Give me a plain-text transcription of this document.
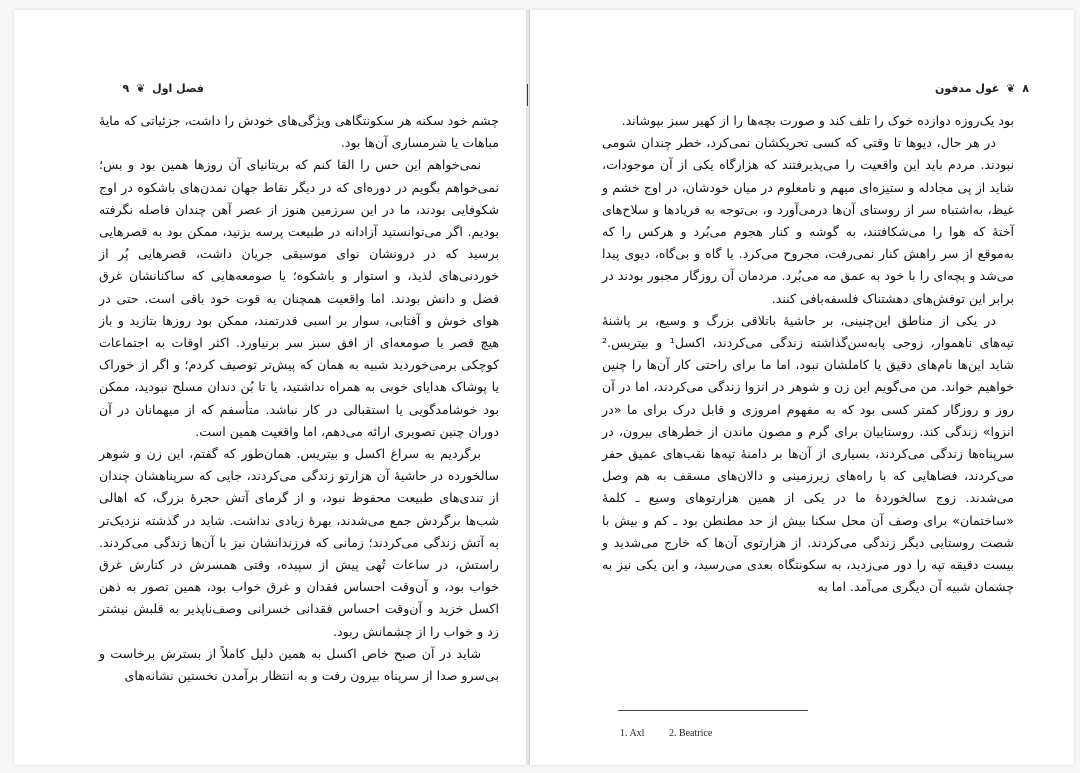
فصل اول ❦ ۹

چشم خود سکنه هر سکونتگاهی ویژگی‌های خودش را داشت، جزئیاتی که مایهٔ مباهات یا شرمساری آن‌ها بود.

نمی‌خواهم این حس را القا کنم که بریتانیای آن روزها همین بود و بس؛ نمی‌خواهم بگویم در دوره‌ای که در دیگر نقاط جهان تمدن‌های باشکوه در اوج شکوفایی بودند، ما در این سرزمین هنوز از عصر آهن چندان فاصله نگرفته بودیم. اگر می‌توانستید آزادانه در طبیعت پرسه بزنید، ممکن بود به قصرهایی برسید که در درونشان نوای موسیقی جریان داشت، قصرهایی پُر از خوردنی‌های لذیذ، و استوار و باشکوه؛ یا صومعه‌هایی که ساکنانشان غرق فضل و دانش بودند. اما واقعیت همچنان به قوت خود باقی است. حتی در هوای خوش و آفتابی، سوار بر اسبی قدرتمند، ممکن بود روزها بتازید و باز هیچ قصر یا صومعه‌ای از افق سبز سر برنیاورد. اکثر اوقات به اجتماعات کوچکی برمی‌خوردید شبیه به همان که پیش‌تر توصیف کردم؛ و اگر از خوراک یا پوشاک هدایای خوبی به همراه نداشتید، یا تا بُن دندان مسلح نبودید، ممکن بود خوشامدگویی یا استقبالی در کار نباشد. متأسفم که از میهمانان در آن دوران چنین تصویری ارائه می‌دهم، اما واقعیت همین است.

برگردیم به سراغ اکسل و بیتریس. همان‌طور که گفتم، این زن و شوهر سالخورده در حاشیهٔ آن هزارتو زندگی می‌کردند، جایی که سرپناهشان چندان از تندی‌های طبیعت محفوظ نبود، و از گرمای آتش حجرهٔ بزرگ، که اهالی شب‌ها برگردش جمع می‌شدند، بهرهٔ زیادی نداشت. شاید در گذشته نزدیک‌تر به آتش زندگی می‌کردند؛ زمانی که فرزندانشان نیز با آن‌ها زندگی می‌کردند. راستش، در ساعات تُهی پیش از سپیده، وقتی همسرش در کنارش غرق خواب بود، و آن‌وقت احساس فقدان و غرق خواب بود، همین تصور به ذهن اکسل خزید و آن‌وقت احساس فقدانی خسرانی وصف‌ناپذیر به قلبش نیشتر زد و خواب را از چشمانش ربود.

شاید در آن صبح خاص اکسل به همین دلیل کاملاً از بسترش برخاست و بی‌سرو صدا از سرپناه بیرون رفت و به انتظار برآمدن نخستین نشانه‌های

۸ ❦ غول مدفون

بود یک‌روزه دوازده خوک را تلف کند و صورت بچه‌ها را از کهیر سبز بپوشاند.

در هر حال، دیوها تا وقتی که کسی تحریکشان نمی‌کرد، خطر چندان شومی نبودند. مردم باید این واقعیت را می‌پذیرفتند که هزارگاه یکی از آن موجودات، شاید از پی مجادله و ستیزه‌ای مبهم و نامعلوم در میان خودشان، در اوج خشم و غیظ، به‌اشتباه سر از روستای آن‌ها درمی‌آورد و، بی‌توجه به فریادها و سلاح‌های آختهٔ که هوا را می‌شکافتند، به گوشه و کنار هجوم می‌بُرد و هرکس را که به‌موقع از سر راهش کنار نمی‌رفت، مجروح می‌کرد. یا گاه و بی‌گاه، دیوی پیدا می‌شد و بچه‌ای را با خود به عمق مه می‌بُرد. مردمان آن روزگار مجبور بودند در برابر این توفش‌های دهشتناک فلسفه‌بافی کنند.

در یکی از مناطق این‌چنینی، بر حاشیهٔ باتلاقی بزرگ و وسیع، بر پاشنهٔ تپه‌های ناهموار، زوجی پابه‌سن‌گذاشته زندگی می‌کردند، اکسل¹ و بیتریس.² شاید این‌ها نام‌های دقیق یا کاملشان نبود، اما ما برای راحتی کار آن‌ها را چنین خواهیم خواند. من می‌گویم این زن و شوهر در انزوا زندگی می‌کردند، اما در آن روز و روزگار کمتر کسی بود که به مفهوم امروزی و قابل درک برای ما «در انزوا» زندگی کند. روستاییان برای گرم و مصون ماندن از خطرهای بیرون، در سرپناه‌ها زندگی می‌کردند، بسیاری از آن‌ها بر دامنهٔ تپه‌ها نقب‌های عمیق حفر می‌کردند، فضاهایی که با راه‌های زیرزمینی و دالان‌های مسقف به هم وصل می‌شدند. زوج سالخوردهٔ ما در یکی از همین هزارتوهای وسیع ـ کلمهٔ «ساختمان» برای وصف آن محل سکنا بیش از حد مطنطن بود ـ کم و بیش با شصت روستایی دیگر زندگی می‌کردند. از هزارتوی آن‌ها که خارج می‌شدید و بیست دقیقه تپه را دور می‌زدید، به سکونتگاه بعدی می‌رسید، و این یکی نیز به چشمان شبیه آن دیگری می‌آمد. اما به

1. Axl 2. Beatrice
